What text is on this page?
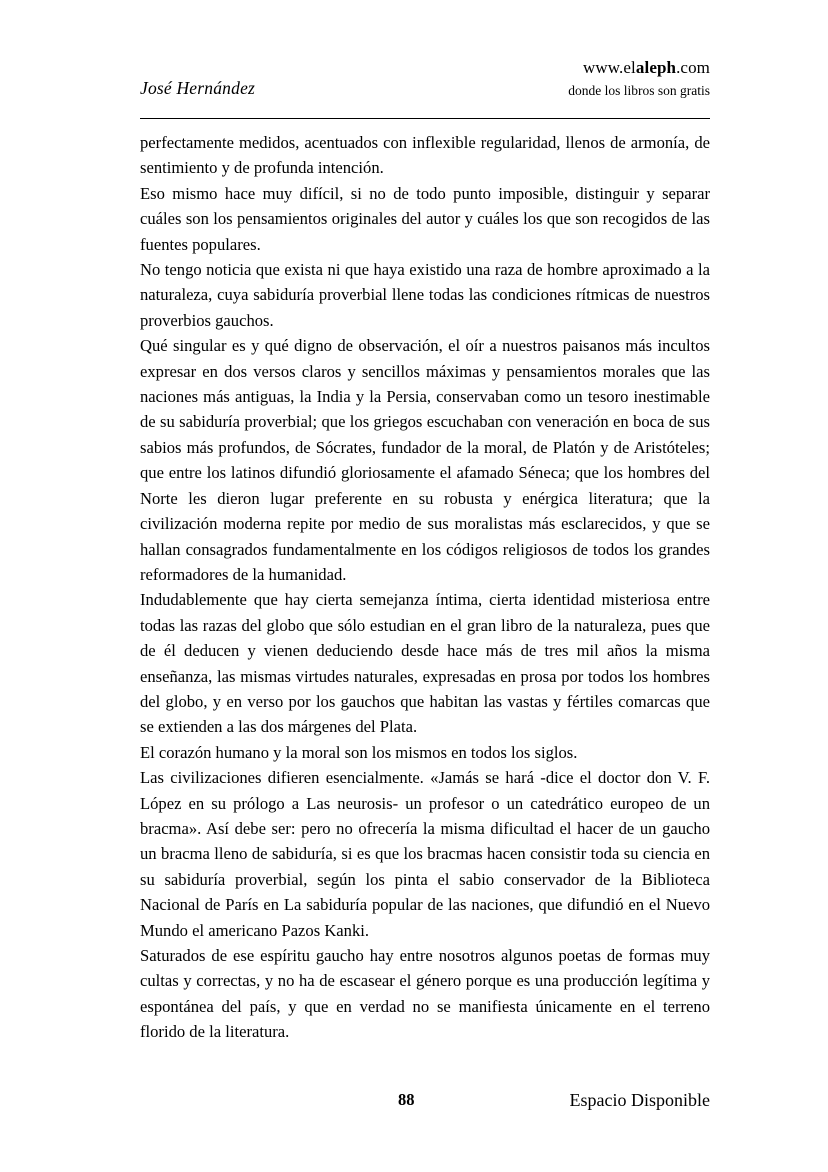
José Hernández
www.elaleph.com
donde los libros son gratis

perfectamente medidos, acentuados con inflexible regularidad, llenos de armonía, de sentimiento y de profunda intención.

Eso mismo hace muy difícil, si no de todo punto imposible, distinguir y separar cuáles son los pensamientos originales del autor y cuáles los que son recogidos de las fuentes populares.

No tengo noticia que exista ni que haya existido una raza de hombre aproximado a la naturaleza, cuya sabiduría proverbial llene todas las condiciones rítmicas de nuestros proverbios gauchos.

Qué singular es y qué digno de observación, el oír a nuestros paisanos más incultos expresar en dos versos claros y sencillos máximas y pensamientos morales que las naciones más antiguas, la India y la Persia, conservaban como un tesoro inestimable de su sabiduría proverbial; que los griegos escuchaban con veneración en boca de sus sabios más profundos, de Sócrates, fundador de la moral, de Platón y de Aristóteles; que entre los latinos difundió gloriosamente el afamado Séneca; que los hombres del Norte les dieron lugar preferente en su robusta y enérgica literatura; que la civilización moderna repite por medio de sus moralistas más esclarecidos, y que se hallan consagrados fundamentalmente en los códigos religiosos de todos los grandes reformadores de la humanidad.

Indudablemente que hay cierta semejanza íntima, cierta identidad misteriosa entre todas las razas del globo que sólo estudian en el gran libro de la naturaleza, pues que de él deducen y vienen deduciendo desde hace más de tres mil años la misma enseñanza, las mismas virtudes naturales, expresadas en prosa por todos los hombres del globo, y en verso por los gauchos que habitan las vastas y fértiles comarcas que se extienden a las dos márgenes del Plata.

El corazón humano y la moral son los mismos en todos los siglos.

Las civilizaciones difieren esencialmente. «Jamás se hará -dice el doctor don V. F. López en su prólogo a Las neurosis- un profesor o un catedrático europeo de un bracma». Así debe ser: pero no ofrecería la misma dificultad el hacer de un gaucho un bracma lleno de sabiduría, si es que los bracmas hacen consistir toda su ciencia en su sabiduría proverbial, según los pinta el sabio conservador de la Biblioteca Nacional de París en La sabiduría popular de las naciones, que difundió en el Nuevo Mundo el americano Pazos Kanki.

Saturados de ese espíritu gaucho hay entre nosotros algunos poetas de formas muy cultas y correctas, y no ha de escasear el género porque es una producción legítima y espontánea del país, y que en verdad no se manifiesta únicamente en el terreno florido de la literatura.

88	Espacio Disponible
